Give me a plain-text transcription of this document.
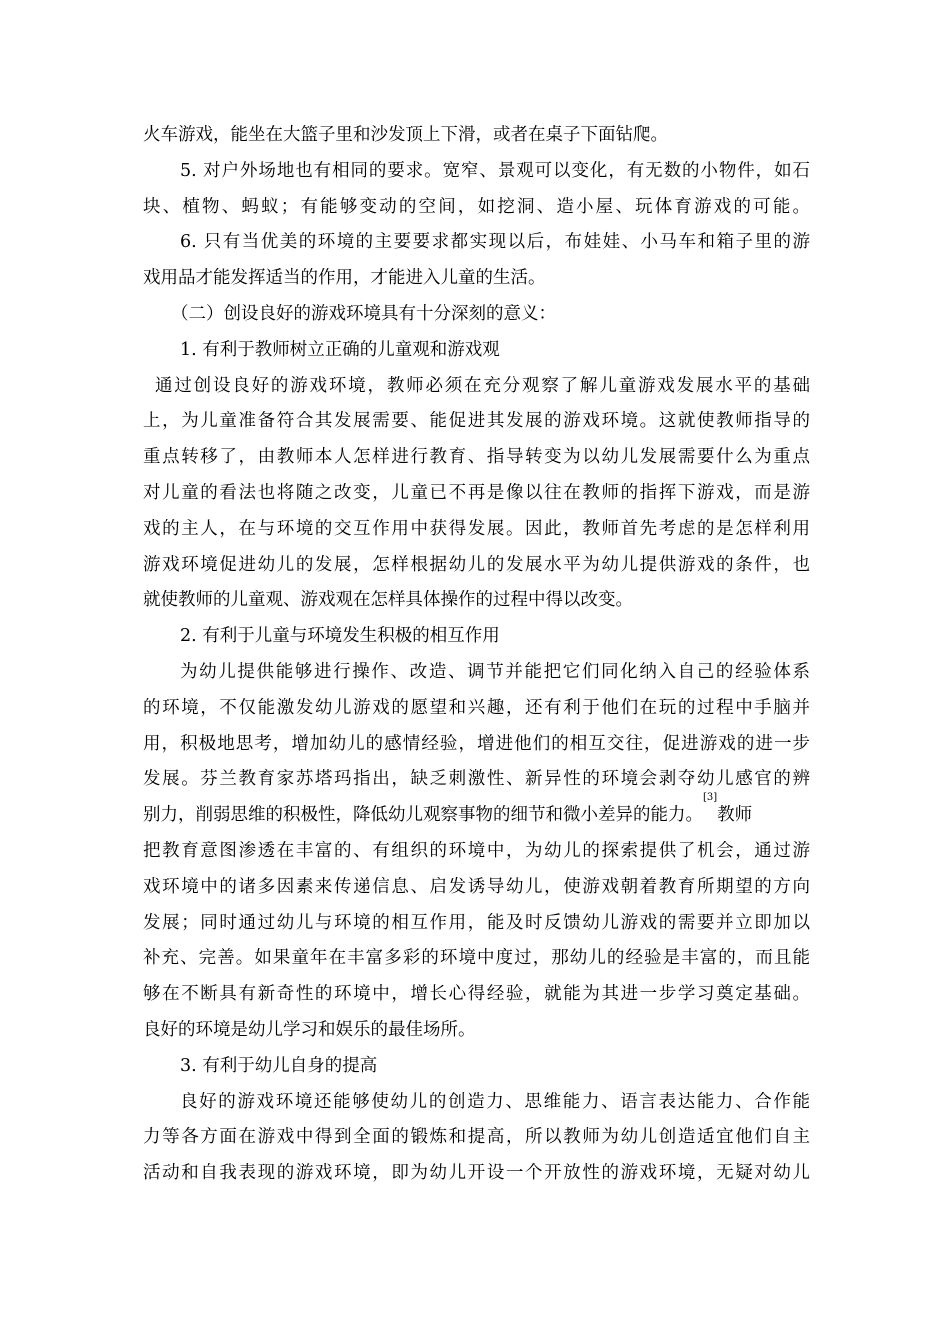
火车游戏，能坐在大篮子里和沙发顶上下滑，或者在桌子下面钻爬。
5. 对户外场地也有相同的要求。宽窄、景观可以变化，有无数的小物件，如石
块、植物、蚂蚁；有能够变动的空间，如挖洞、造小屋、玩体育游戏的可能。
6. 只有当优美的环境的主要要求都实现以后，布娃娃、小马车和箱子里的游
戏用品才能发挥适当的作用，才能进入儿童的生活。
（二）创设良好的游戏环境具有十分深刻的意义：
1. 有利于教师树立正确的儿童观和游戏观
通过创设良好的游戏环境，教师必须在充分观察了解儿童游戏发展水平的基础
上，为儿童准备符合其发展需要、能促进其发展的游戏环境。这就使教师指导的
重点转移了，由教师本人怎样进行教育、指导转变为以幼儿发展需要什么为重点
对儿童的看法也将随之改变，儿童已不再是像以往在教师的指挥下游戏，而是游
戏的主人，在与环境的交互作用中获得发展。因此，教师首先考虑的是怎样利用
游戏环境促进幼儿的发展，怎样根据幼儿的发展水平为幼儿提供游戏的条件，也
就使教师的儿童观、游戏观在怎样具体操作的过程中得以改变。
2. 有利于儿童与环境发生积极的相互作用
为幼儿提供能够进行操作、改造、调节并能把它们同化纳入自己的经验体系
的环境，不仅能激发幼儿游戏的愿望和兴趣，还有利于他们在玩的过程中手脑并
用，积极地思考，增加幼儿的感情经验，增进他们的相互交往，促进游戏的进一步
发展。芬兰教育家苏塔玛指出，缺乏刺激性、新异性的环境会剥夺幼儿感官的辨
别力，削弱思维的积极性，降低幼儿观察事物的细节和微小差异的能力。
[3]
教师
把教育意图渗透在丰富的、有组织的环境中，为幼儿的探索提供了机会，通过游
戏环境中的诸多因素来传递信息、启发诱导幼儿，使游戏朝着教育所期望的方向
发展；同时通过幼儿与环境的相互作用，能及时反馈幼儿游戏的需要并立即加以
补充、完善。如果童年在丰富多彩的环境中度过，那幼儿的经验是丰富的，而且能
够在不断具有新奇性的环境中，增长心得经验，就能为其进一步学习奠定基础。
良好的环境是幼儿学习和娱乐的最佳场所。
3. 有利于幼儿自身的提高
良好的游戏环境还能够使幼儿的创造力、思维能力、语言表达能力、合作能
力等各方面在游戏中得到全面的锻炼和提高，所以教师为幼儿创造适宜他们自主
活动和自我表现的游戏环境，即为幼儿开设一个开放性的游戏环境，无疑对幼儿
